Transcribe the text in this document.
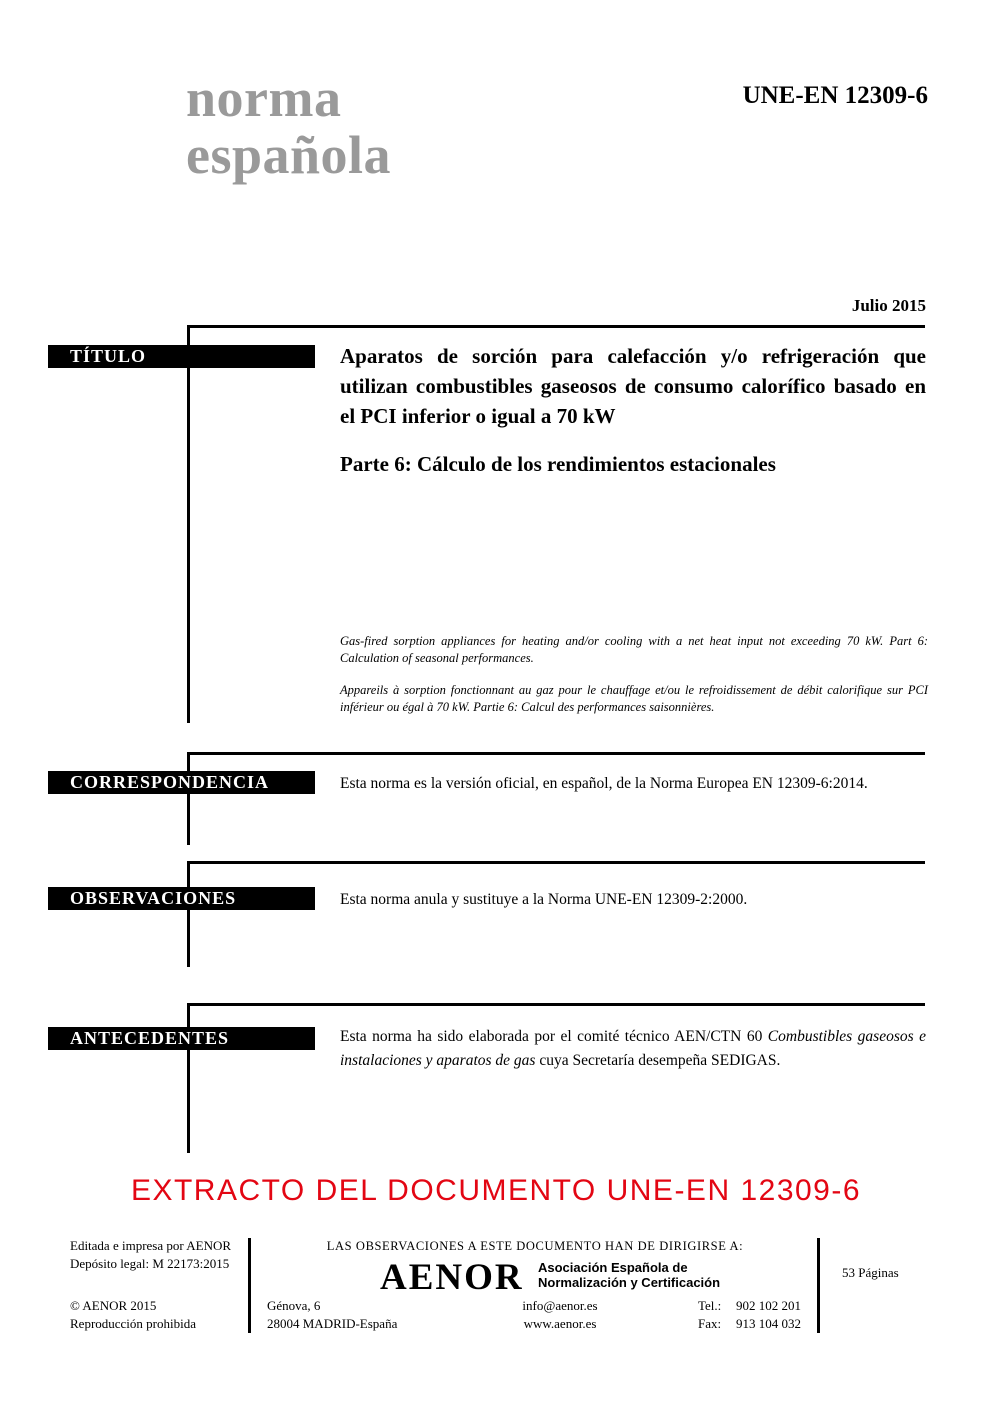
norma
española
UNE-EN 12309-6
Julio 2015
TÍTULO	Aparatos de sorción para calefacción y/o refrigeración que
utilizan combustibles gaseosos de consumo calorífico basado en
el PCI inferior o igual a 70 kW
Parte 6: Cálculo de los rendimientos estacionales
Gas-fired sorption appliances for heating and/or cooling with a net heat input not exceeding 70 kW. Part 6: Calculation of seasonal performances.
Appareils à sorption fonctionnant au gaz pour le chauffage et/ou le refroidissement de débit calorifique sur PCI inférieur ou égal à 70 kW. Partie 6: Calcul des performances saisonnières.
CORRESPONDENCIA	Esta norma es la versión oficial, en español, de la Norma Europea EN 12309-6:2014.
OBSERVACIONES	Esta norma anula y sustituye a la Norma UNE-EN 12309-2:2000.
ANTECEDENTES	Esta norma ha sido elaborada por el comité técnico AEN/CTN 60 Combustibles gaseosos e instalaciones y aparatos de gas cuya Secretaría desempeña SEDIGAS.
EXTRACTO DEL DOCUMENTO UNE-EN 12309-6
Editada e impresa por AENOR
Depósito legal: M 22173:2015
© AENOR 2015
Reproducción prohibida
LAS OBSERVACIONES A ESTE DOCUMENTO HAN DE DIRIGIRSE A:
AENOR Asociación Española de
Normalización y Certificación
Génova, 6
28004 MADRID-España
info@aenor.es
www.aenor.es
Tel.:	902 102 201
Fax:	913 104 032
53 Páginas
